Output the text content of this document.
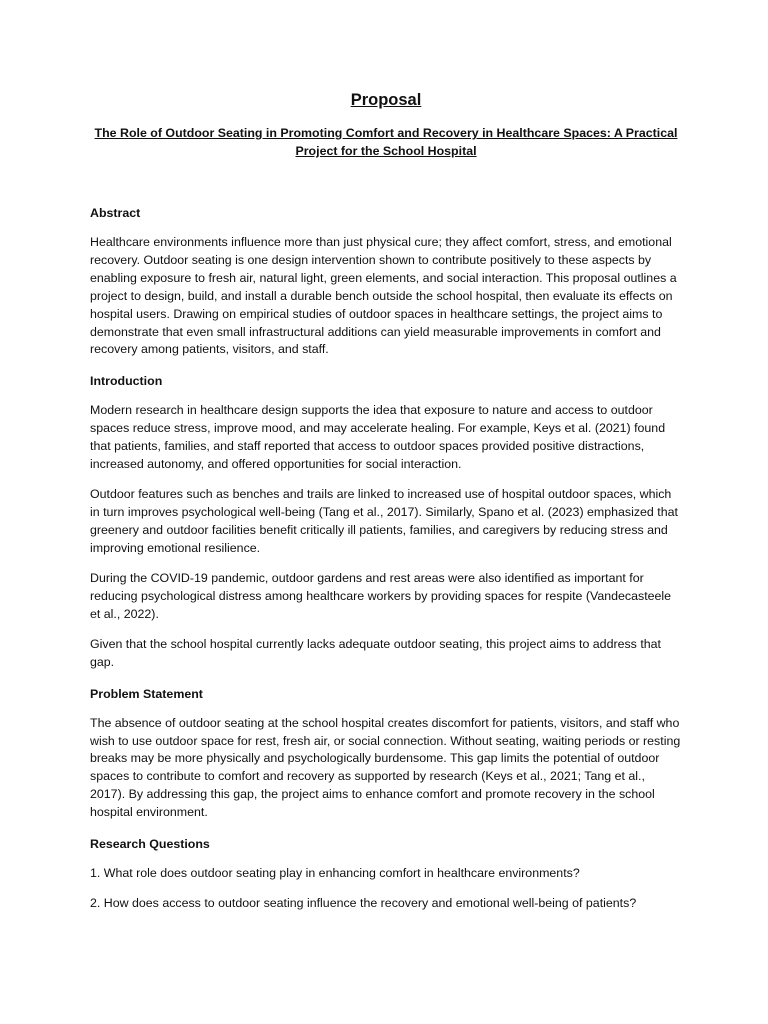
Proposal
The Role of Outdoor Seating in Promoting Comfort and Recovery in Healthcare Spaces: A Practical Project for the School Hospital
Abstract

Healthcare environments influence more than just physical cure; they affect comfort, stress, and emotional recovery. Outdoor seating is one design intervention shown to contribute positively to these aspects by enabling exposure to fresh air, natural light, green elements, and social interaction. This proposal outlines a project to design, build, and install a durable bench outside the school hospital, then evaluate its effects on hospital users. Drawing on empirical studies of outdoor spaces in healthcare settings, the project aims to demonstrate that even small infrastructural additions can yield measurable improvements in comfort and recovery among patients, visitors, and staff.

Introduction

Modern research in healthcare design supports the idea that exposure to nature and access to outdoor spaces reduce stress, improve mood, and may accelerate healing. For example, Keys et al. (2021) found that patients, families, and staff reported that access to outdoor spaces provided positive distractions, increased autonomy, and offered opportunities for social interaction.

Outdoor features such as benches and trails are linked to increased use of hospital outdoor spaces, which in turn improves psychological well-being (Tang et al., 2017). Similarly, Spano et al. (2023) emphasized that greenery and outdoor facilities benefit critically ill patients, families, and caregivers by reducing stress and improving emotional resilience.

During the COVID-19 pandemic, outdoor gardens and rest areas were also identified as important for reducing psychological distress among healthcare workers by providing spaces for respite (Vandecasteele et al., 2022).

Given that the school hospital currently lacks adequate outdoor seating, this project aims to address that gap.

Problem Statement

The absence of outdoor seating at the school hospital creates discomfort for patients, visitors, and staff who wish to use outdoor space for rest, fresh air, or social connection. Without seating, waiting periods or resting breaks may be more physically and psychologically burdensome. This gap limits the potential of outdoor spaces to contribute to comfort and recovery as supported by research (Keys et al., 2021; Tang et al., 2017). By addressing this gap, the project aims to enhance comfort and promote recovery in the school hospital environment.

Research Questions

1. What role does outdoor seating play in enhancing comfort in healthcare environments?

2. How does access to outdoor seating influence the recovery and emotional well-being of patients?
